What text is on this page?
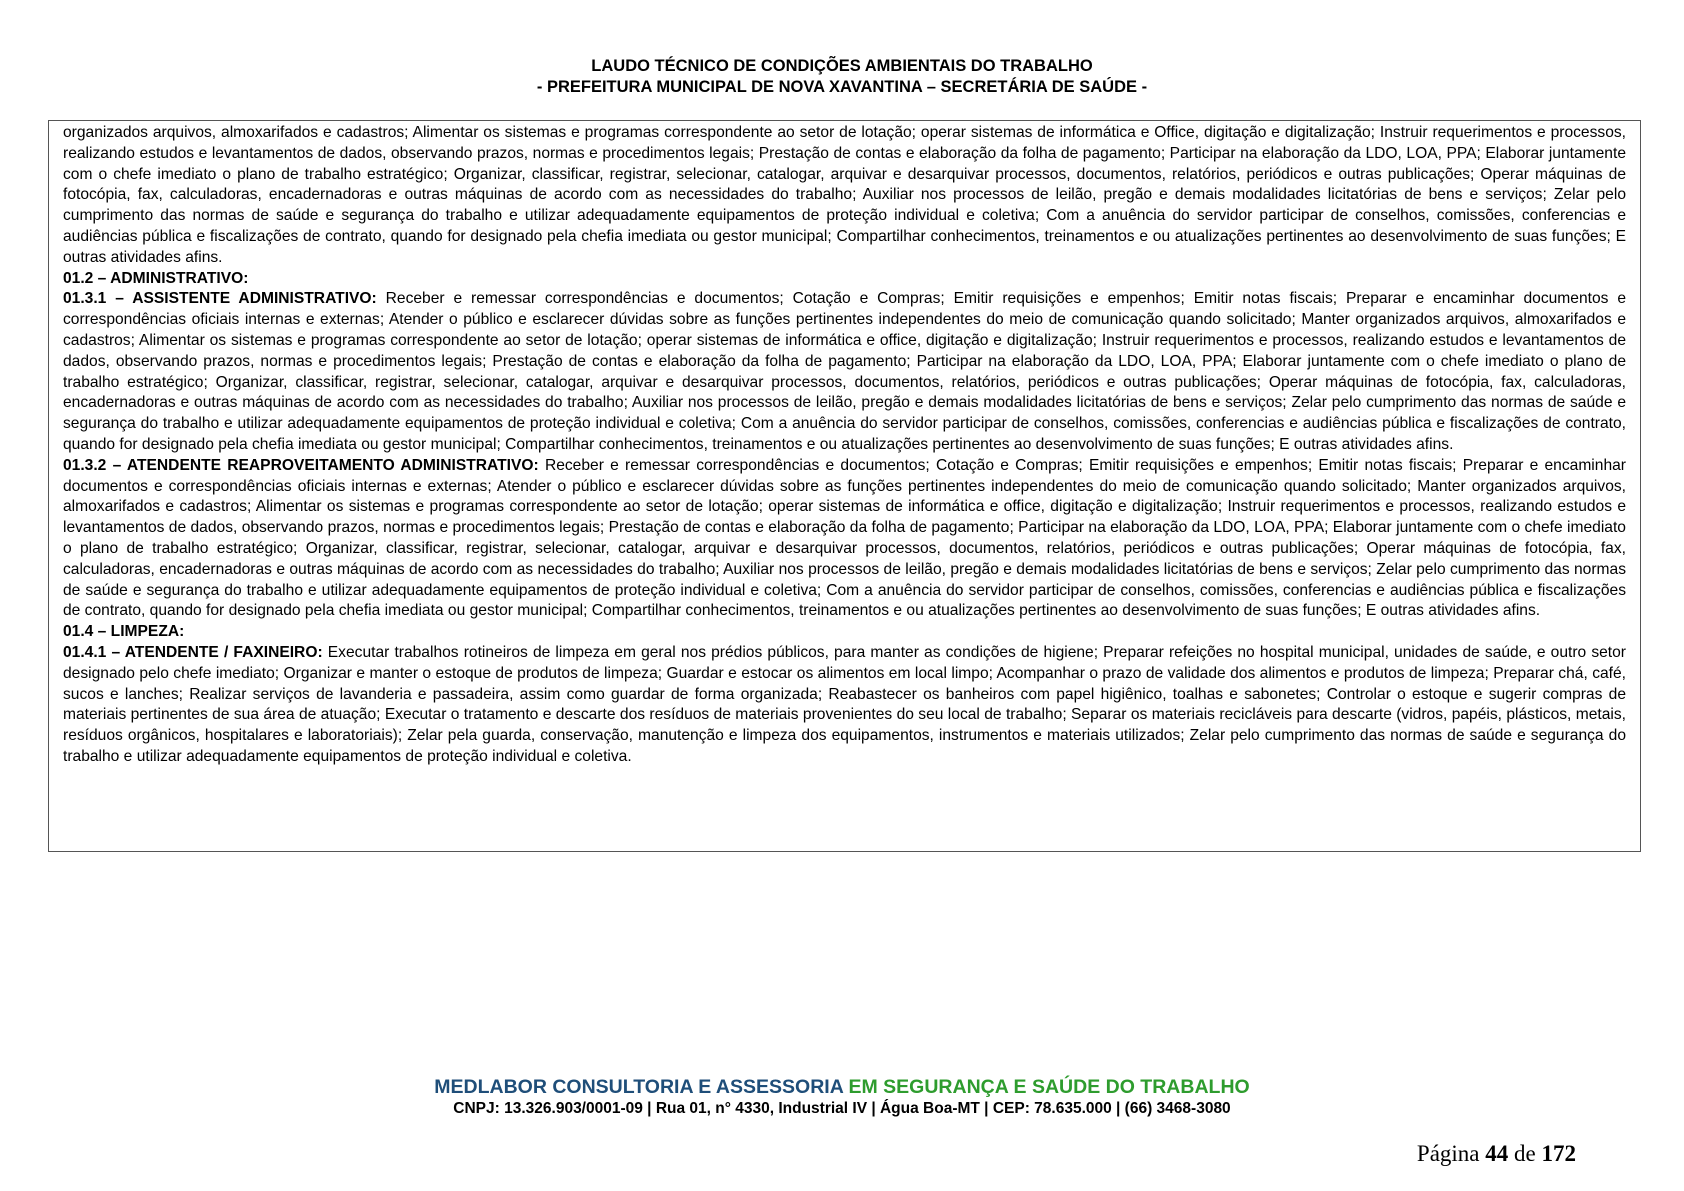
LAUDO TÉCNICO DE CONDIÇÕES AMBIENTAIS DO TRABALHO
- PREFEITURA MUNICIPAL DE NOVA XAVANTINA – SECRETÁRIA DE SAÚDE -

organizados arquivos, almoxarifados e cadastros; Alimentar os sistemas e programas correspondente ao setor de lotação; operar sistemas de informática e Office, digitação e digitalização; Instruir requerimentos e processos, realizando estudos e levantamentos de dados, observando prazos, normas e procedimentos legais; Prestação de contas e elaboração da folha de pagamento; Participar na elaboração da LDO, LOA, PPA; Elaborar juntamente com o chefe imediato o plano de trabalho estratégico; Organizar, classificar, registrar, selecionar, catalogar, arquivar e desarquivar processos, documentos, relatórios, periódicos e outras publicações; Operar máquinas de fotocópia, fax, calculadoras, encadernadoras e outras máquinas de acordo com as necessidades do trabalho; Auxiliar nos processos de leilão, pregão e demais modalidades licitatórias de bens e serviços; Zelar pelo cumprimento das normas de saúde e segurança do trabalho e utilizar adequadamente equipamentos de proteção individual e coletiva; Com a anuência do servidor participar de conselhos, comissões, conferencias e audiências pública e fiscalizações de contrato, quando for designado pela chefia imediata ou gestor municipal; Compartilhar conhecimentos, treinamentos e ou atualizações pertinentes ao desenvolvimento de suas funções; E outras atividades afins.

01.2 – ADMINISTRATIVO:

01.3.1 – ASSISTENTE ADMINISTRATIVO: Receber e remessar correspondências e documentos; Cotação e Compras; Emitir requisições e empenhos; Emitir notas fiscais; Preparar e encaminhar documentos e correspondências oficiais internas e externas; Atender o público e esclarecer dúvidas sobre as funções pertinentes independentes do meio de comunicação quando solicitado; Manter organizados arquivos, almoxarifados e cadastros; Alimentar os sistemas e programas correspondente ao setor de lotação; operar sistemas de informática e office, digitação e digitalização; Instruir requerimentos e processos, realizando estudos e levantamentos de dados, observando prazos, normas e procedimentos legais; Prestação de contas e elaboração da folha de pagamento; Participar na elaboração da LDO, LOA, PPA; Elaborar juntamente com o chefe imediato o plano de trabalho estratégico; Organizar, classificar, registrar, selecionar, catalogar, arquivar e desarquivar processos, documentos, relatórios, periódicos e outras publicações; Operar máquinas de fotocópia, fax, calculadoras, encadernadoras e outras máquinas de acordo com as necessidades do trabalho; Auxiliar nos processos de leilão, pregão e demais modalidades licitatórias de bens e serviços; Zelar pelo cumprimento das normas de saúde e segurança do trabalho e utilizar adequadamente equipamentos de proteção individual e coletiva; Com a anuência do servidor participar de conselhos, comissões, conferencias e audiências pública e fiscalizações de contrato, quando for designado pela chefia imediata ou gestor municipal; Compartilhar conhecimentos, treinamentos e ou atualizações pertinentes ao desenvolvimento de suas funções; E outras atividades afins.

01.3.2 – ATENDENTE REAPROVEITAMENTO ADMINISTRATIVO: Receber e remessar correspondências e documentos; Cotação e Compras; Emitir requisições e empenhos; Emitir notas fiscais; Preparar e encaminhar documentos e correspondências oficiais internas e externas; Atender o público e esclarecer dúvidas sobre as funções pertinentes independentes do meio de comunicação quando solicitado; Manter organizados arquivos, almoxarifados e cadastros; Alimentar os sistemas e programas correspondente ao setor de lotação; operar sistemas de informática e office, digitação e digitalização; Instruir requerimentos e processos, realizando estudos e levantamentos de dados, observando prazos, normas e procedimentos legais; Prestação de contas e elaboração da folha de pagamento; Participar na elaboração da LDO, LOA, PPA; Elaborar juntamente com o chefe imediato o plano de trabalho estratégico; Organizar, classificar, registrar, selecionar, catalogar, arquivar e desarquivar processos, documentos, relatórios, periódicos e outras publicações; Operar máquinas de fotocópia, fax, calculadoras, encadernadoras e outras máquinas de acordo com as necessidades do trabalho; Auxiliar nos processos de leilão, pregão e demais modalidades licitatórias de bens e serviços; Zelar pelo cumprimento das normas de saúde e segurança do trabalho e utilizar adequadamente equipamentos de proteção individual e coletiva; Com a anuência do servidor participar de conselhos, comissões, conferencias e audiências pública e fiscalizações de contrato, quando for designado pela chefia imediata ou gestor municipal; Compartilhar conhecimentos, treinamentos e ou atualizações pertinentes ao desenvolvimento de suas funções; E outras atividades afins.

01.4 – LIMPEZA:

01.4.1 – ATENDENTE / FAXINEIRO: Executar trabalhos rotineiros de limpeza em geral nos prédios públicos, para manter as condições de higiene; Preparar refeições no hospital municipal, unidades de saúde, e outro setor designado pelo chefe imediato; Organizar e manter o estoque de produtos de limpeza; Guardar e estocar os alimentos em local limpo; Acompanhar o prazo de validade dos alimentos e produtos de limpeza; Preparar chá, café, sucos e lanches; Realizar serviços de lavanderia e passadeira, assim como guardar de forma organizada; Reabastecer os banheiros com papel higiênico, toalhas e sabonetes; Controlar o estoque e sugerir compras de materiais pertinentes de sua área de atuação; Executar o tratamento e descarte dos resíduos de materiais provenientes do seu local de trabalho; Separar os materiais recicláveis para descarte (vidros, papéis, plásticos, metais, resíduos orgânicos, hospitalares e laboratoriais); Zelar pela guarda, conservação, manutenção e limpeza dos equipamentos, instrumentos e materiais utilizados; Zelar pelo cumprimento das normas de saúde e segurança do trabalho e utilizar adequadamente equipamentos de proteção individual e coletiva.

MEDLABOR CONSULTORIA E ASSESSORIA EM SEGURANÇA E SAÚDE DO TRABALHO
CNPJ: 13.326.903/0001-09 | Rua 01, n° 4330, Industrial IV | Água Boa-MT | CEP: 78.635.000 | (66) 3468-3080
Página 44 de 172
